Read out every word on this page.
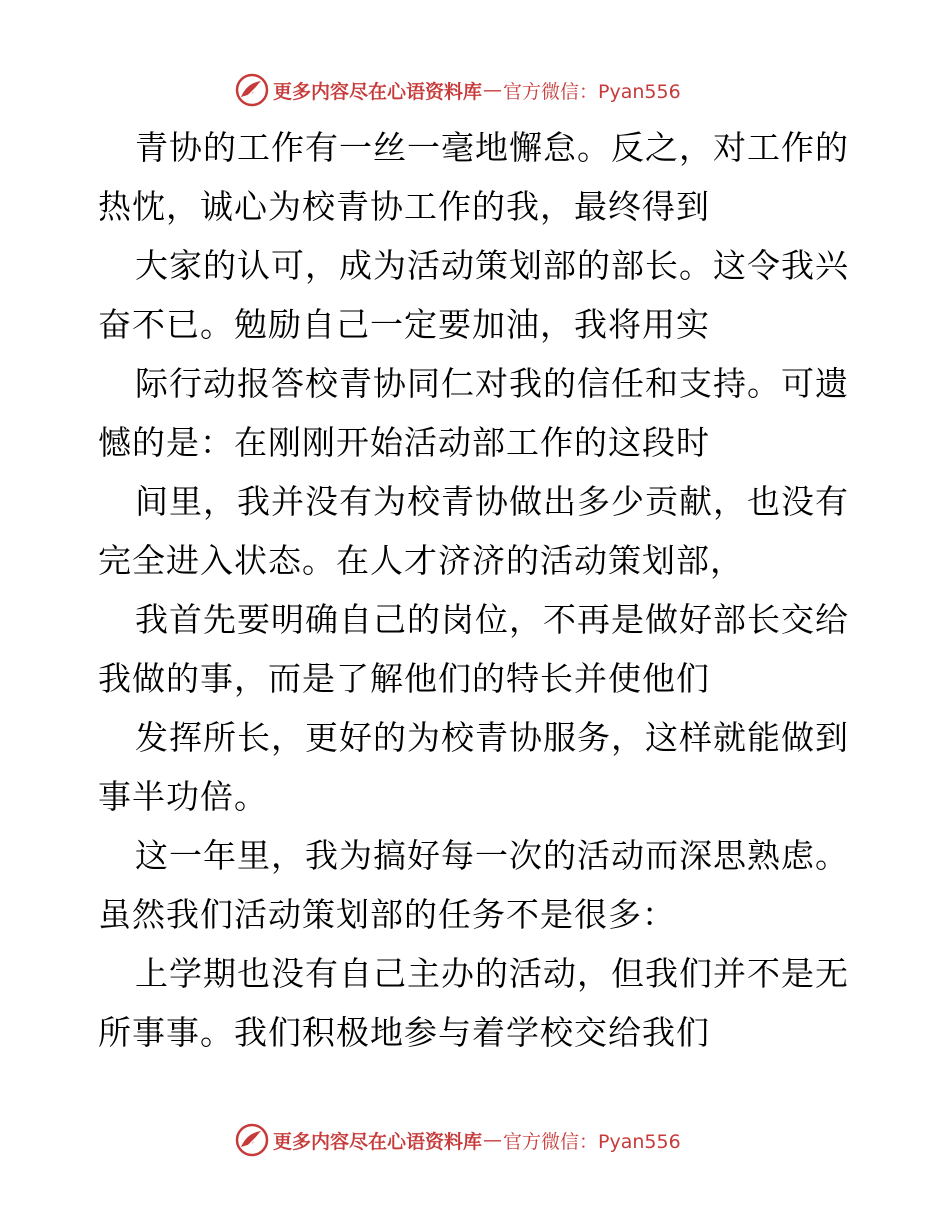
更多内容尽在心语资料库 — 官方微信：Pyan556
青协的工作有一丝一毫地懈怠。反之，对工作的
热忱，诚心为校青协工作的我，最终得到
大家的认可，成为活动策划部的部长。这令我兴
奋不已。勉励自己一定要加油，我将用实
际行动报答校青协同仁对我的信任和支持。可遗
憾的是：在刚刚开始活动部工作的这段时
间里，我并没有为校青协做出多少贡献，也没有
完全进入状态。在人才济济的活动策划部，
我首先要明确自己的岗位，不再是做好部长交给
我做的事，而是了解他们的特长并使他们
发挥所长，更好的为校青协服务，这样就能做到
事半功倍。
这一年里，我为搞好每一次的活动而深思熟虑。
虽然我们活动策划部的任务不是很多：
上学期也没有自己主办的活动，但我们并不是无
所事事。我们积极地参与着学校交给我们
更多内容尽在心语资料库 — 官方微信：Pyan556
